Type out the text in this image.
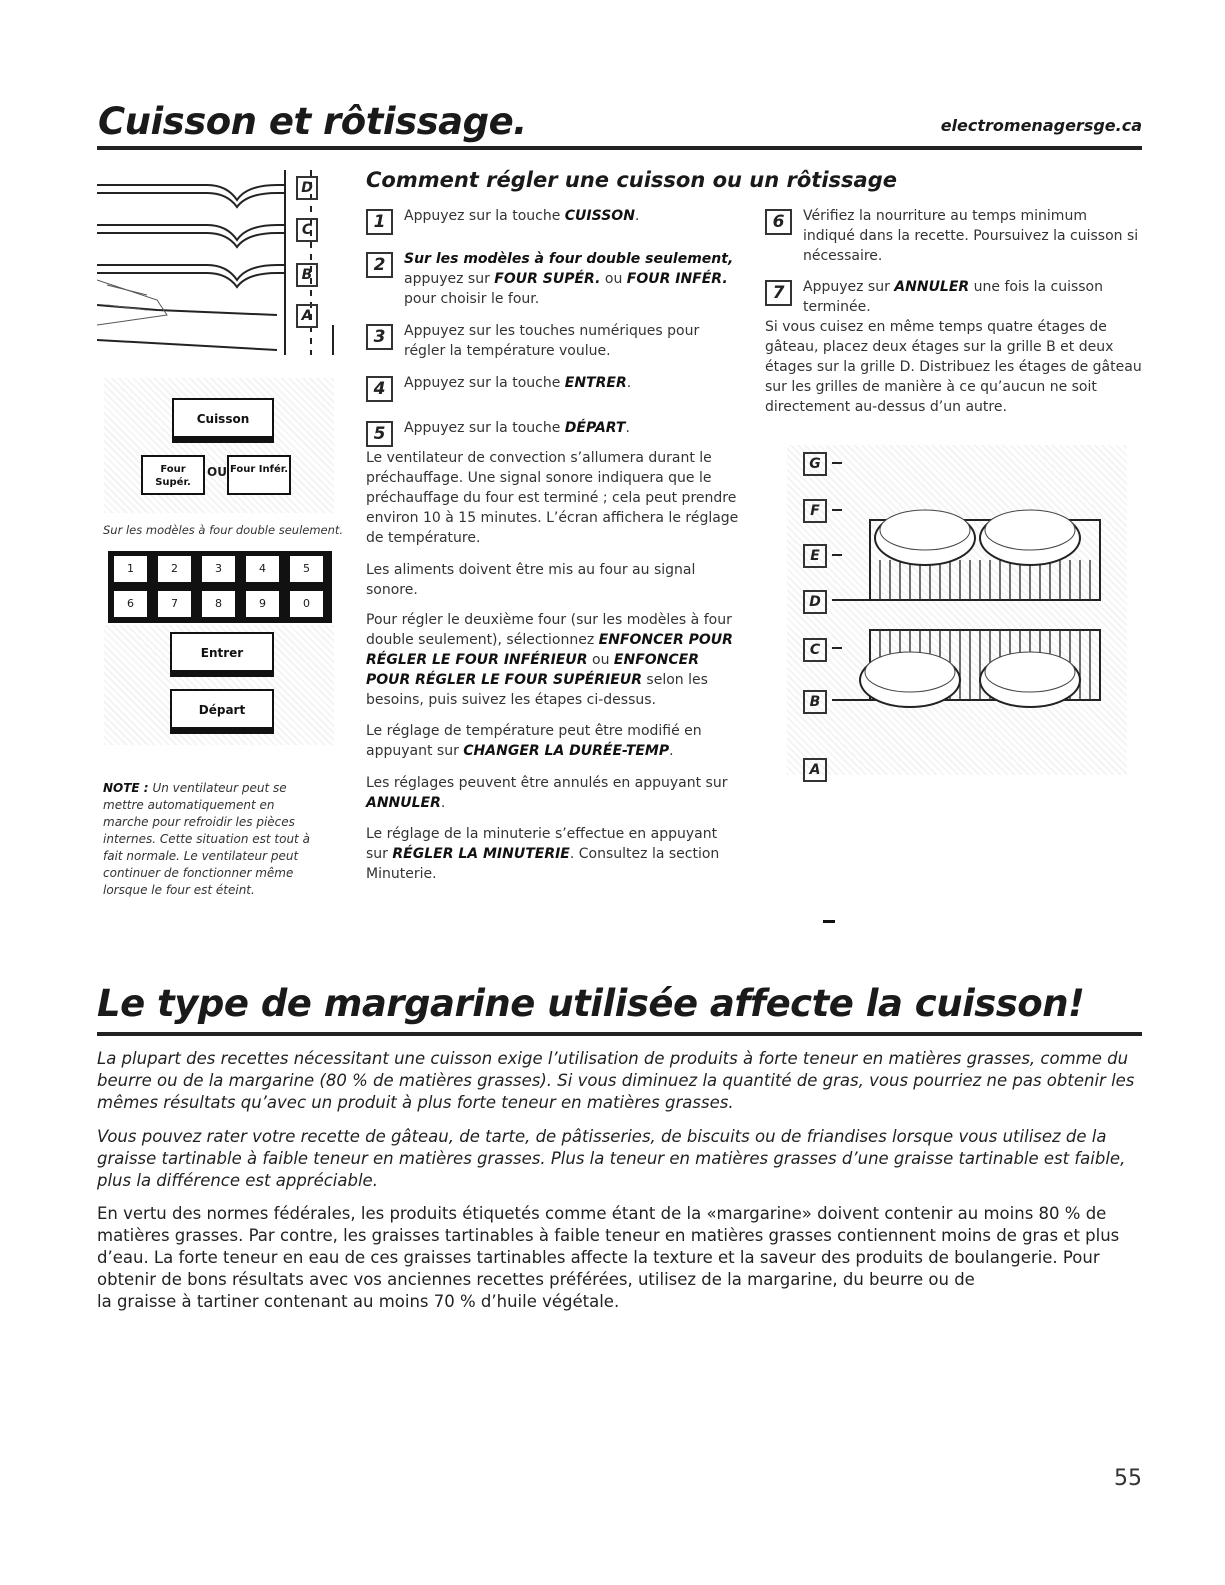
Cuisson et rôtissage.	electromenagersge.ca
D
C
B
A
Cuisson
Four Supér.
OU Four Infér.
Sur les modèles à four double seulement.
1	2	3	4	5
6	7	8	9	0
Entrer
Départ
NOTE : Un ventilateur peut se mettre automatiquement en marche pour refroidir les pièces internes. Cette situation est tout à fait normale. Le ventilateur peut continuer de fonctionner même lorsque le four est éteint.
Comment régler une cuisson ou un rôtissage
1	Appuyez sur la touche CUISSON.
2	Sur les modèles à four double seulement,
appuyez sur FOUR SUPÉR. ou FOUR INFÉR.
pour choisir le four.
3	Appuyez sur les touches numériques pour régler la température voulue.
4	Appuyez sur la touche ENTRER.
5	Appuyez sur la touche DÉPART.
Le ventilateur de convection s’allumera durant le préchauffage. Une signal sonore indiquera que le préchauffage du four est terminé ; cela peut prendre environ 10 à 15 minutes. L’écran affichera le réglage de température.
Les aliments doivent être mis au four au signal sonore.
Pour régler le deuxième four (sur les modèles à four double seulement), sélectionnez ENFONCER POUR RÉGLER LE FOUR INFÉRIEUR ou ENFONCER POUR RÉGLER LE FOUR SUPÉRIEUR selon les besoins, puis suivez les étapes ci-dessus.
Le réglage de température peut être modifié en appuyant sur CHANGER LA DURÉE-TEMP.
Les réglages peuvent être annulés en appuyant sur ANNULER.
Le réglage de la minuterie s’effectue en appuyant sur RÉGLER LA MINUTERIE. Consultez la section Minuterie.
6	Vérifiez la nourriture au temps minimum indiqué dans la recette. Poursuivez la cuisson si nécessaire.
7	Appuyez sur ANNULER une fois la cuisson terminée.
Si vous cuisez en même temps quatre étages de gâteau, placez deux étages sur la grille B et deux étages sur la grille D. Distribuez les étages de gâteau sur les grilles de manière à ce qu’aucun ne soit directement au-dessus d’un autre.
G
F
E
D
C
B
A
Le type de margarine utilisée affecte la cuisson!
La plupart des recettes nécessitant une cuisson exige l’utilisation de produits à forte teneur en matières grasses, comme du beurre ou de la margarine (80 % de matières grasses). Si vous diminuez la quantité de gras, vous pourriez ne pas obtenir les mêmes résultats qu’avec un produit à plus forte teneur en matières grasses.
Vous pouvez rater votre recette de gâteau, de tarte, de pâtisseries, de biscuits ou de friandises lorsque vous utilisez de la graisse tartinable à faible teneur en matières grasses. Plus la teneur en matières grasses d’une graisse tartinable est faible, plus la différence est appréciable.
En vertu des normes fédérales, les produits étiquetés comme étant de la «margarine» doivent contenir au moins 80 % de matières grasses. Par contre, les graisses tartinables à faible teneur en matières grasses contiennent moins de gras et plus d’eau. La forte teneur en eau de ces graisses tartinables affecte la texture et la saveur des produits de boulangerie. Pour obtenir de bons résultats avec vos anciennes recettes préférées, utilisez de la margarine, du beurre ou de
la graisse à tartiner contenant au moins 70 % d’huile végétale.
55
